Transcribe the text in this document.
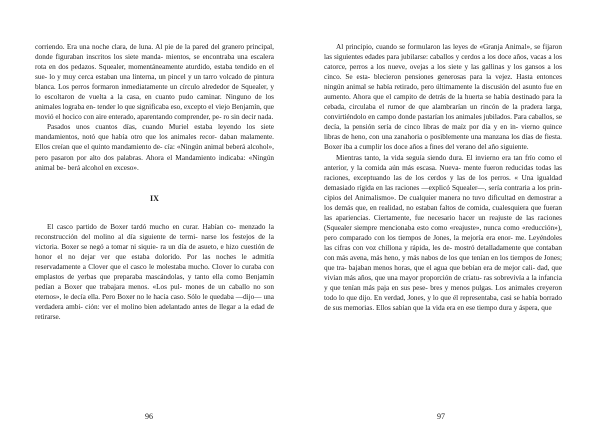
corriendo. Era una noche clara, de luna. Al pie de la pared del granero principal, donde figuraban inscritos los siete manda- mientos, se encontraba una escalera rota en dos pedazos. Squealer, momentáneamente aturdido, estaba tendido en el sue- lo y muy cerca estaban una linterna, un pincel y un tarro volcado de pintura blanca. Los perros formaron inmediatamente un círculo alrededor de Squealer, y lo escoltaron de vuelta a la casa, en cuanto pudo caminar. Ninguno de los animales lograba en- tender lo que significaba eso, excepto el viejo Benjamín, que movió el hocico con aire enterado, aparentando comprender, pe- ro sin decir nada.

Pasados unos cuantos días, cuando Muriel estaba leyendo los siete mandamientos, notó que había otro que los animales recor- daban malamente. Ellos creían que el quinto mandamiento de- cía: «Ningún animal beberá alcohol», pero pasaron por alto dos palabras. Ahora el Mandamiento indicaba: «Ningún animal be- berá alcohol en exceso».

IX

El casco partido de Boxer tardó mucho en curar. Habían co- menzado la reconstrucción del molino al día siguiente de termi- narse los festejos de la victoria. Boxer se negó a tomar ni siquie- ra un día de asueto, e hizo cuestión de honor el no dejar ver que estaba dolorido. Por las noches le admitía reservadamente a Clover que el casco le molestaba mucho. Clover lo curaba con emplastos de yerbas que preparaba mascándolas, y tanto ella como Benjamín pedían a Boxer que trabajara menos. «Los pul- mones de un caballo no son eternos», le decía ella. Pero Boxer no le hacía caso. Sólo le quedaba —dijo— una verdadera ambi- ción: ver el molino bien adelantado antes de llegar a la edad de retirarse.

96

Al principio, cuando se formularon las leyes de «Granja Animal», se fijaron las siguientes edades para jubilarse: caballos y cerdos a los doce años, vacas a los catorce, perros a los nueve, ovejas a los siete y las gallinas y los gansos a los cinco. Se esta- blecieron pensiones generosas para la vejez. Hasta entonces ningún animal se había retirado, pero últimamente la discusión del asunto fue en aumento. Ahora que el campito de detrás de la huerta se había destinado para la cebada, circulaba el rumor de que alambrarían un rincón de la pradera larga, convirtiéndolo en campo donde pastarían los animales jubilados. Para caballos, se decía, la pensión sería de cinco libras de maíz por día y en in- vierno quince libras de heno, con una zanahoria o posiblemente una manzana los días de fiesta. Boxer iba a cumplir los doce años a fines del verano del año siguiente.

Mientras tanto, la vida seguía siendo dura. El invierno era tan frío como el anterior, y la comida aún más escasa. Nueva- mente fueron reducidas todas las raciones, exceptuando las de los cerdos y las de los perros. « Una igualdad demasiado rígida en las raciones —explicó Squealer—, sería contraria a los prin- cipios del Animalismo». De cualquier manera no tuvo dificultad en demostrar a los demás que, en realidad, no estaban faltos de comida, cualesquiera que fueran las apariencias. Ciertamente, fue necesario hacer un reajuste de las raciones (Squealer siempre mencionaba esto como «reajuste», nunca como «reducción»), pero comparado con los tiempos de Jones, la mejoría era enor- me. Leyéndoles las cifras con voz chillona y rápida, les de- mostró detalladamente que contaban con más avena, más heno, y más nabos de los que tenían en los tiempos de Jones; que tra- bajaban menos horas, que el agua que bebían era de mejor cali- dad, que vivían más años, que una mayor proporción de criatu- ras sobrevivía a la infancia y que tenían más paja en sus pese- bres y menos pulgas. Los animales creyeron todo lo que dijo. En verdad, Jones, y lo que él representaba, casi se había borrado de sus memorias. Ellos sabían que la vida era en ese tiempo dura y áspera, que

97
